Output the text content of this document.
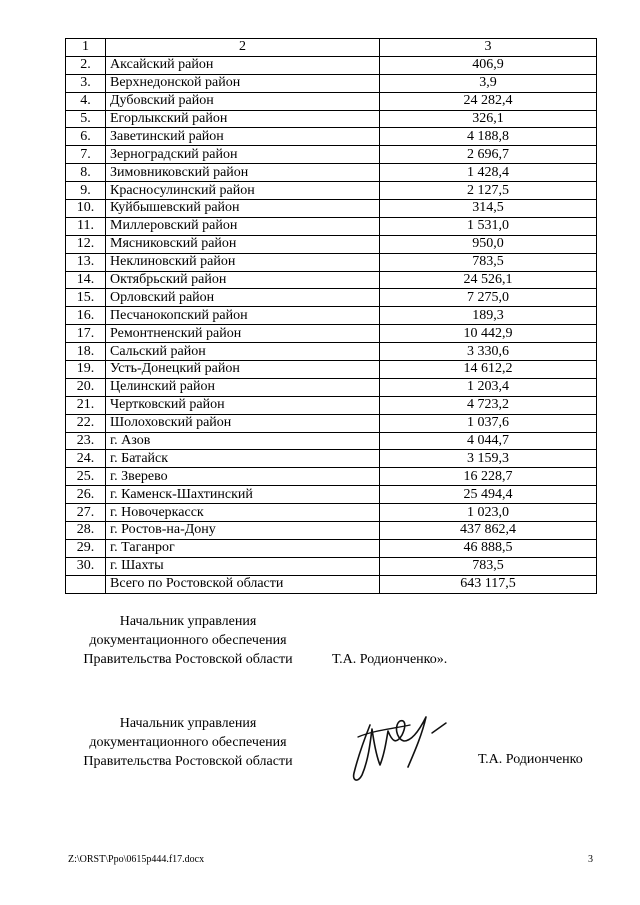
1	2	3
2.	Аксайский район	406,9
3.	Верхнедонской район	3,9
4.	Дубовский район	24 282,4
5.	Егорлыкский район	326,1
6.	Заветинский район	4 188,8
7.	Зерноградский район	2 696,7
8.	Зимовниковский район	1 428,4
9.	Красносулинский район	2 127,5
10.	Куйбышевский район	314,5
11.	Миллеровский район	1 531,0
12.	Мясниковский район	950,0
13.	Неклиновский район	783,5
14.	Октябрьский район	24 526,1
15.	Орловский район	7 275,0
16.	Песчанокопский район	189,3
17.	Ремонтненский район	10 442,9
18.	Сальский район	3 330,6
19.	Усть-Донецкий район	14 612,2
20.	Целинский район	1 203,4
21.	Чертковский район	4 723,2
22.	Шолоховский район	1 037,6
23.	г. Азов	4 044,7
24.	г. Батайск	3 159,3
25.	г. Зверево	16 228,7
26.	г. Каменск-Шахтинский	25 494,4
27.	г. Новочеркасск	1 023,0
28.	г. Ростов-на-Дону	437 862,4
29.	г. Таганрог	46 888,5
30.	г. Шахты	783,5
	Всего по Ростовской области	643 117,5
Начальник управления
документационного обеспечения
Правительства Ростовской области	Т.А. Родионченко».
Начальник управления
документационного обеспечения
Правительства Ростовской области	Т.А. Родионченко
Z:\ORST\Ppo\0615p444.f17.docx	3
